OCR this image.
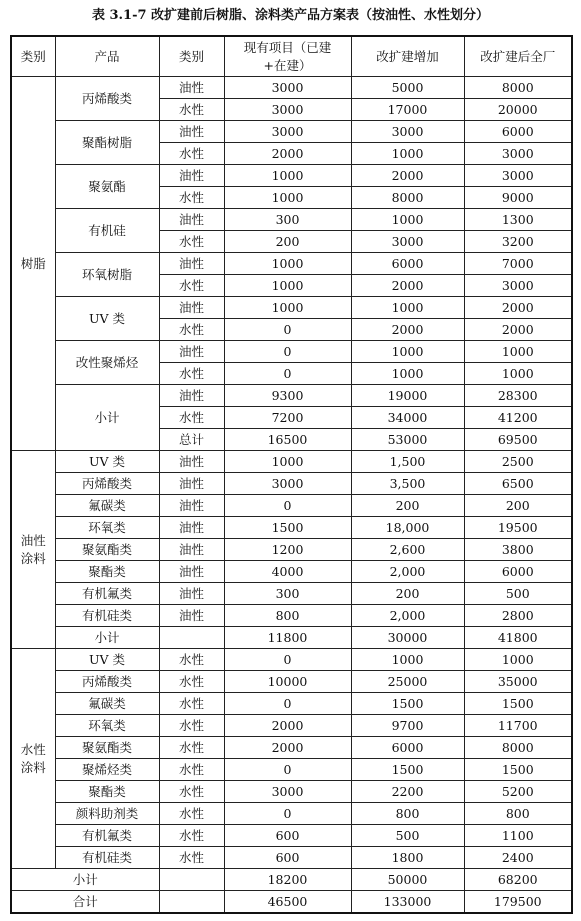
表 3.1-7 改扩建前后树脂、涂料类产品方案表（按油性、水性划分）
类别	产品	类别	现有项目（已建+在建）	改扩建增加	改扩建后全厂
树脂	丙烯酸类	油性	3000	5000	8000
		水性	3000	17000	20000
	聚酯树脂	油性	3000	3000	6000
		水性	2000	1000	3000
	聚氨酯	油性	1000	2000	3000
		水性	1000	8000	9000
	有机硅	油性	300	1000	1300
		水性	200	3000	3200
	环氧树脂	油性	1000	6000	7000
		水性	1000	2000	3000
	UV 类	油性	1000	1000	2000
		水性	0	2000	2000
	改性聚烯烃	油性	0	1000	1000
		水性	0	1000	1000
	小计	油性	9300	19000	28300
		水性	7200	34000	41200
		总计	16500	53000	69500
油性涂料	UV 类	油性	1000	1,500	2500
	丙烯酸类	油性	3000	3,500	6500
	氟碳类	油性	0	200	200
	环氧类	油性	1500	18,000	19500
	聚氨酯类	油性	1200	2,600	3800
	聚酯类	油性	4000	2,000	6000
	有机氟类	油性	300	200	500
	有机硅类	油性	800	2,000	2800
	小计		11800	30000	41800
水性涂料	UV 类	水性	0	1000	1000
	丙烯酸类	水性	10000	25000	35000
	氟碳类	水性	0	1500	1500
	环氧类	水性	2000	9700	11700
	聚氨酯类	水性	2000	6000	8000
	聚烯烃类	水性	0	1500	1500
	聚酯类	水性	3000	2200	5200
	颜料助剂类	水性	0	800	800
	有机氟类	水性	600	500	1100
	有机硅类	水性	600	1800	2400
小计			18200	50000	68200
合计			46500	133000	179500
